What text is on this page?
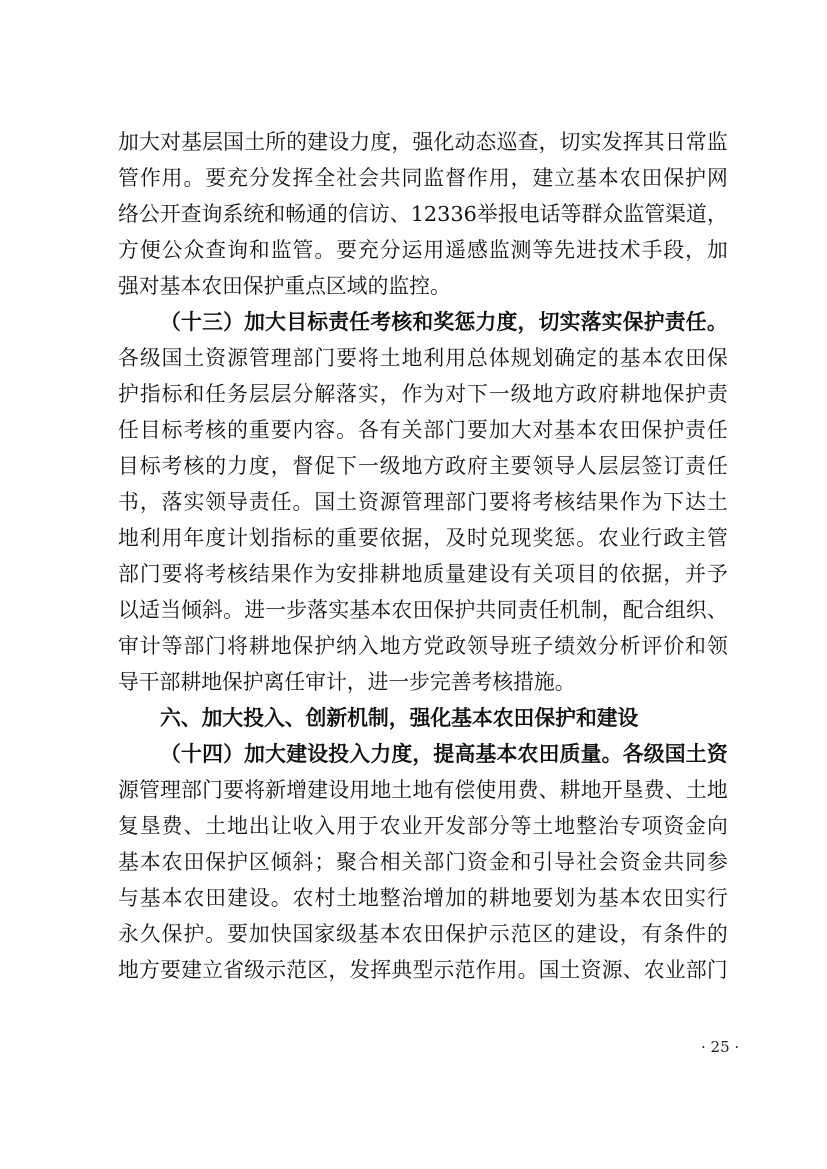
加 大 对 基 层 国 土 所 的 建 设 力 度 ， 强 化 动 态 巡 查 ， 切 实 发 挥 其 日 常 监
管 作 用 。 要 充 分 发 挥 全 社 会 共 同 监 督 作 用 ， 建 立 基 本 农 田 保 护 网
络 公 开 查 询 系 统 和 畅 通 的 信 访 、 12336 举 报 电 话 等 群 众 监 管 渠 道 ，
方 便 公 众 查 询 和 监 管 。 要 充 分 运 用 遥 感 监 测 等 先 进 技 术 手 段 ， 加
强 对 基 本 农 田 保 护 重 点 区 域 的 监 控 。
（ 十 三 ） 加 大 目 标 责 任 考 核 和 奖 惩 力 度 ， 切 实 落 实 保 护 责 任 。
各 级 国 土 资 源 管 理 部 门 要 将 土 地 利 用 总 体 规 划 确 定 的 基 本 农 田 保
护 指 标 和 任 务 层 层 分 解 落 实 ， 作 为 对 下 一 级 地 方 政 府 耕 地 保 护 责
任 目 标 考 核 的 重 要 内 容 。 各 有 关 部 门 要 加 大 对 基 本 农 田 保 护 责 任
目 标 考 核 的 力 度 ， 督 促 下 一 级 地 方 政 府 主 要 领 导 人 层 层 签 订 责 任
书 ， 落 实 领 导 责 任 。 国 土 资 源 管 理 部 门 要 将 考 核 结 果 作 为 下 达 土
地 利 用 年 度 计 划 指 标 的 重 要 依 据 ， 及 时 兑 现 奖 惩 。 农 业 行 政 主 管
部 门 要 将 考 核 结 果 作 为 安 排 耕 地 质 量 建 设 有 关 项 目 的 依 据 ， 并 予
以 适 当 倾 斜 。 进 一 步 落 实 基 本 农 田 保 护 共 同 责 任 机 制 ， 配 合 组 织 、
审 计 等 部 门 将 耕 地 保 护 纳 入 地 方 党 政 领 导 班 子 绩 效 分 析 评 价 和 领
导 干 部 耕 地 保 护 离 任 审 计 ， 进 一 步 完 善 考 核 措 施 。
六 、 加 大 投 入 、 创 新 机 制 ， 强 化 基 本 农 田 保 护 和 建 设
（ 十 四 ） 加 大 建 设 投 入 力 度 ， 提 高 基 本 农 田 质 量 。 各 级 国 土 资
源 管 理 部 门 要 将 新 增 建 设 用 地 土 地 有 偿 使 用 费 、 耕 地 开 垦 费 、 土 地
复 垦 费 、 土 地 出 让 收 入 用 于 农 业 开 发 部 分 等 土 地 整 治 专 项 资 金 向
基 本 农 田 保 护 区 倾 斜 ； 聚 合 相 关 部 门 资 金 和 引 导 社 会 资 金 共 同 参
与 基 本 农 田 建 设 。 农 村 土 地 整 治 增 加 的 耕 地 要 划 为 基 本 农 田 实 行
永 久 保 护 。 要 加 快 国 家 级 基 本 农 田 保 护 示 范 区 的 建 设 ， 有 条 件 的
地 方 要 建 立 省 级 示 范 区 ， 发 挥 典 型 示 范 作 用 。 国 土 资 源 、 农 业 部 门
· 25 ·
